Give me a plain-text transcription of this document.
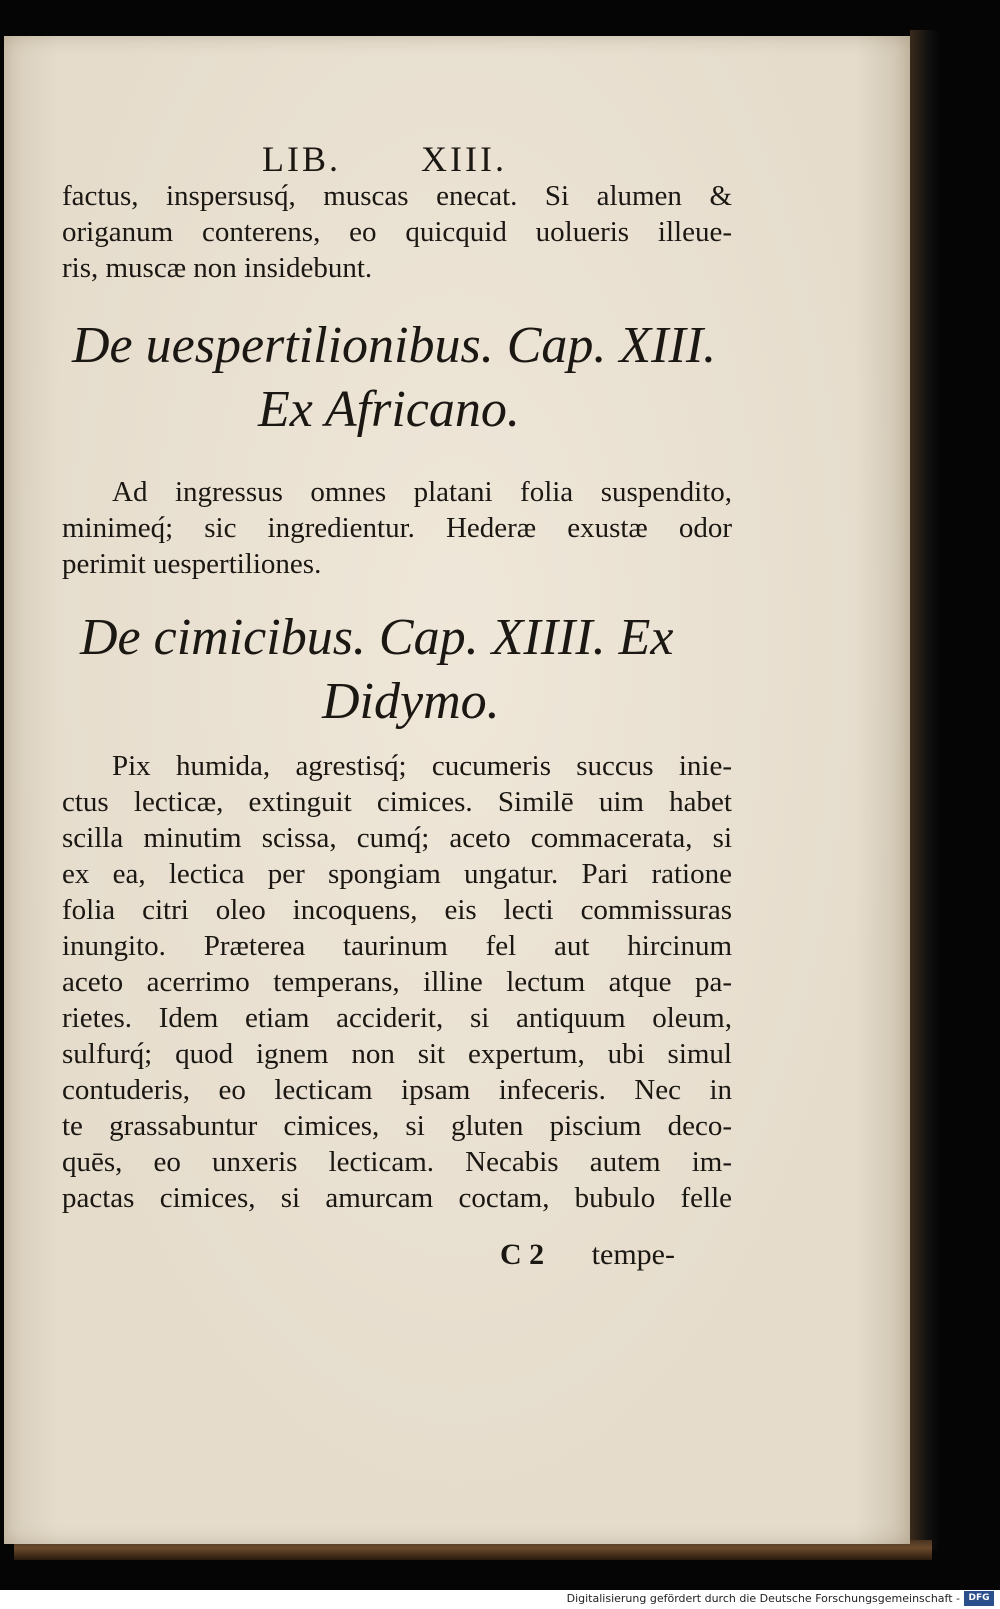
LIB. XIII.
factus, inspersusq́, muscas enecat. Si alumen &
origanum conterens, eo quicquid uolueris illeue-
ris, muscæ non insidebunt.
De uespertilionibus. Cap. XIII.
Ex Africano.
Ad ingressus omnes platani folia suspendito,
minimeq́; sic ingredientur. Hederæ exustæ odor
perimit uespertiliones.
De cimicibus. Cap. XIIII. Ex
Didymo.
Pix humida, agrestisq́; cucumeris succus inie-
ctus lecticæ, extinguit cimices. Similē uim habet
scilla minutim scissa, cumq́; aceto commacerata, si
ex ea, lectica per spongiam ungatur. Pari ratione
folia citri oleo incoquens, eis lecti commissuras
inungito. Præterea taurinum fel aut hircinum
aceto acerrimo temperans, illine lectum atque pa-
rietes. Idem etiam acciderit, si antiquum oleum,
sulfurq́; quod ignem non sit expertum, ubi simul
contuderis, eo lecticam ipsam infeceris. Nec in
te grassabuntur cimices, si gluten piscium deco-
quēs, eo unxeris lecticam. Necabis autem im-
pactas cimices, si amurcam coctam, bubulo felle
C 2 tempe-
Digitalisierung gefördert durch die Deutsche Forschungsgemeinschaft - DFG
